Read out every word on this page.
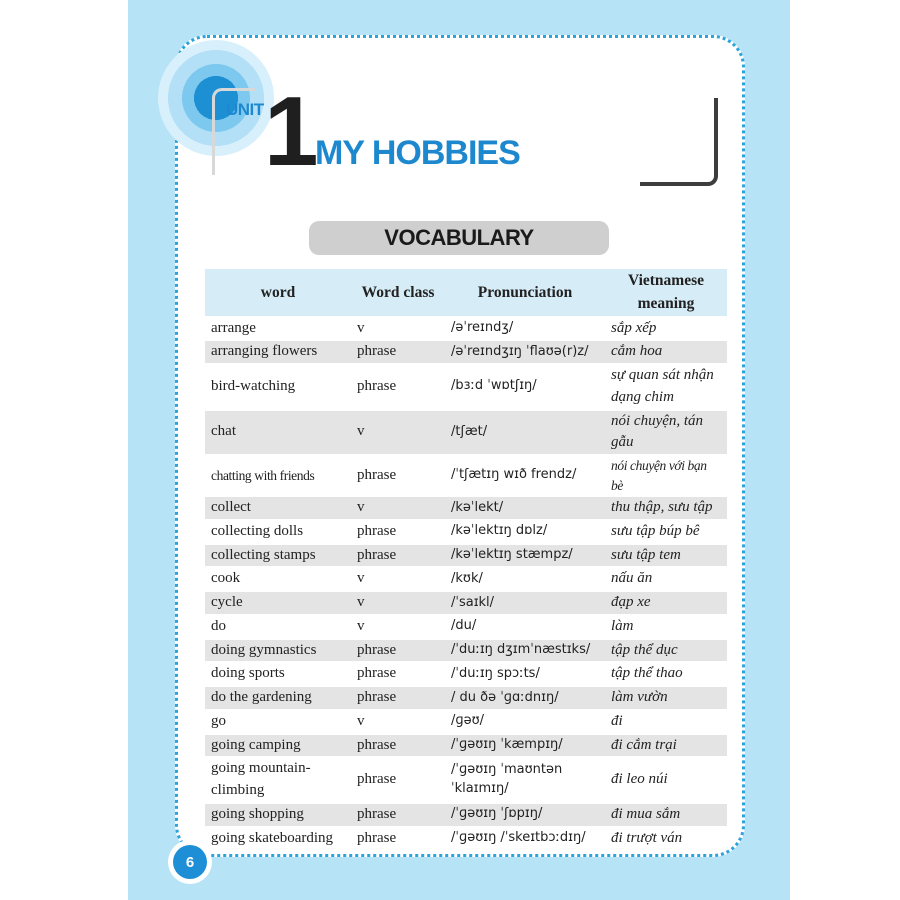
UNIT 1 MY HOBBIES
VOCABULARY
word	Word class	Pronunciation	Vietnamese meaning
arrange	v	/əˈreɪndʒ/	sắp xếp
arranging flowers	phrase	/əˈreɪndʒɪŋ ˈflaʊə(r)z/	cắm hoa
bird-watching	phrase	/bɜːd ˈwɒtʃɪŋ/	sự quan sát nhận dạng chim
chat	v	/tʃæt/	nói chuyện, tán gẫu
chatting with friends	phrase	/ˈtʃætɪŋ wɪð frendz/	nói chuyện với bạn bè
collect	v	/kəˈlekt/	thu thập, sưu tập
collecting dolls	phrase	/kəˈlektɪŋ dɒlz/	sưu tập búp bê
collecting stamps	phrase	/kəˈlektɪŋ stæmpz/	sưu tập tem
cook	v	/kʊk/	nấu ăn
cycle	v	/ˈsaɪkl/	đạp xe
do	v	/du/	làm
doing gymnastics	phrase	/ˈduːɪŋ dʒɪmˈnæstɪks/	tập thể dục
doing sports	phrase	/ˈduːɪŋ spɔːts/	tập thể thao
do the gardening	phrase	/ du ðə ˈɡɑːdnɪŋ/	làm vườn
go	v	/ɡəʊ/	đi
going camping	phrase	/ˈɡəʊɪŋ ˈkæmpɪŋ/	đi cắm trại
going mountain-climbing	phrase	/ˈɡəʊɪŋ ˈmaʊntən ˈklaɪmɪŋ/	đi leo núi
going shopping	phrase	/ˈɡəʊɪŋ ˈʃɒpɪŋ/	đi mua sắm
going skateboarding	phrase	/ˈɡəʊɪŋ /ˈskeɪtbɔːdɪŋ/	đi trượt ván
6
